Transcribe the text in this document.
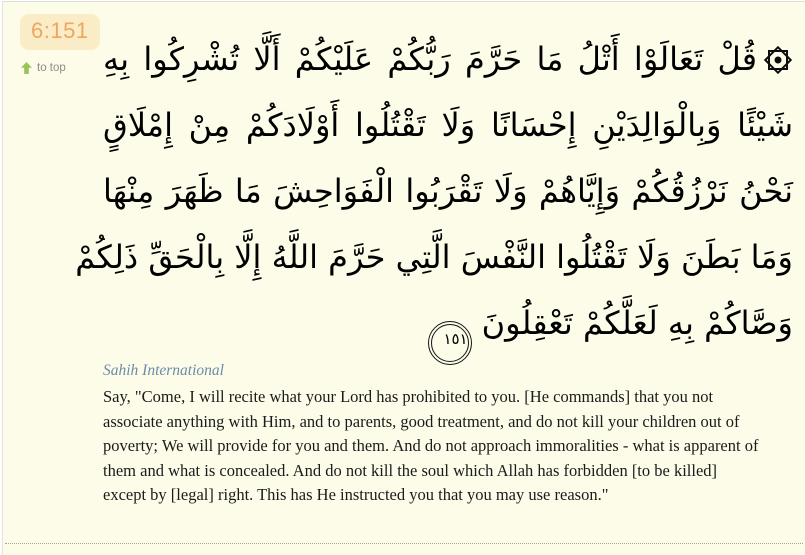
6:151
to top قُلْ تَعَالَوْا أَتْلُ مَا حَرَّمَ رَبُّكُمْ عَلَيْكُمْ أَلَّا تُشْرِكُوا بِهِ
شَيْئًا وَبِالْوَالِدَيْنِ إِحْسَانًا وَلَا تَقْتُلُوا أَوْلَادَكُمْ مِنْ إِمْلَاقٍ
نَحْنُ نَرْزُقُكُمْ وَإِيَّاهُمْ وَلَا تَقْرَبُوا الْفَوَاحِشَ مَا ظَهَرَ مِنْهَا
وَمَا بَطَنَ وَلَا تَقْتُلُوا النَّفْسَ الَّتِي حَرَّمَ اللَّهُ إِلَّا بِالْحَقِّ ذَلِكُمْ
وَصَّاكُمْ بِهِ لَعَلَّكُمْ تَعْقِلُونَ١٥١
Sahih International
Say, "Come, I will recite what your Lord has prohibited to you. [He commands] that you not associate anything with Him, and to parents, good treatment, and do not kill your children out of poverty; We will provide for you and them. And do not approach immoralities - what is apparent of them and what is concealed. And do not kill the soul which Allah has forbidden [to be killed] except by [legal] right. This has He instructed you that you may use reason."
